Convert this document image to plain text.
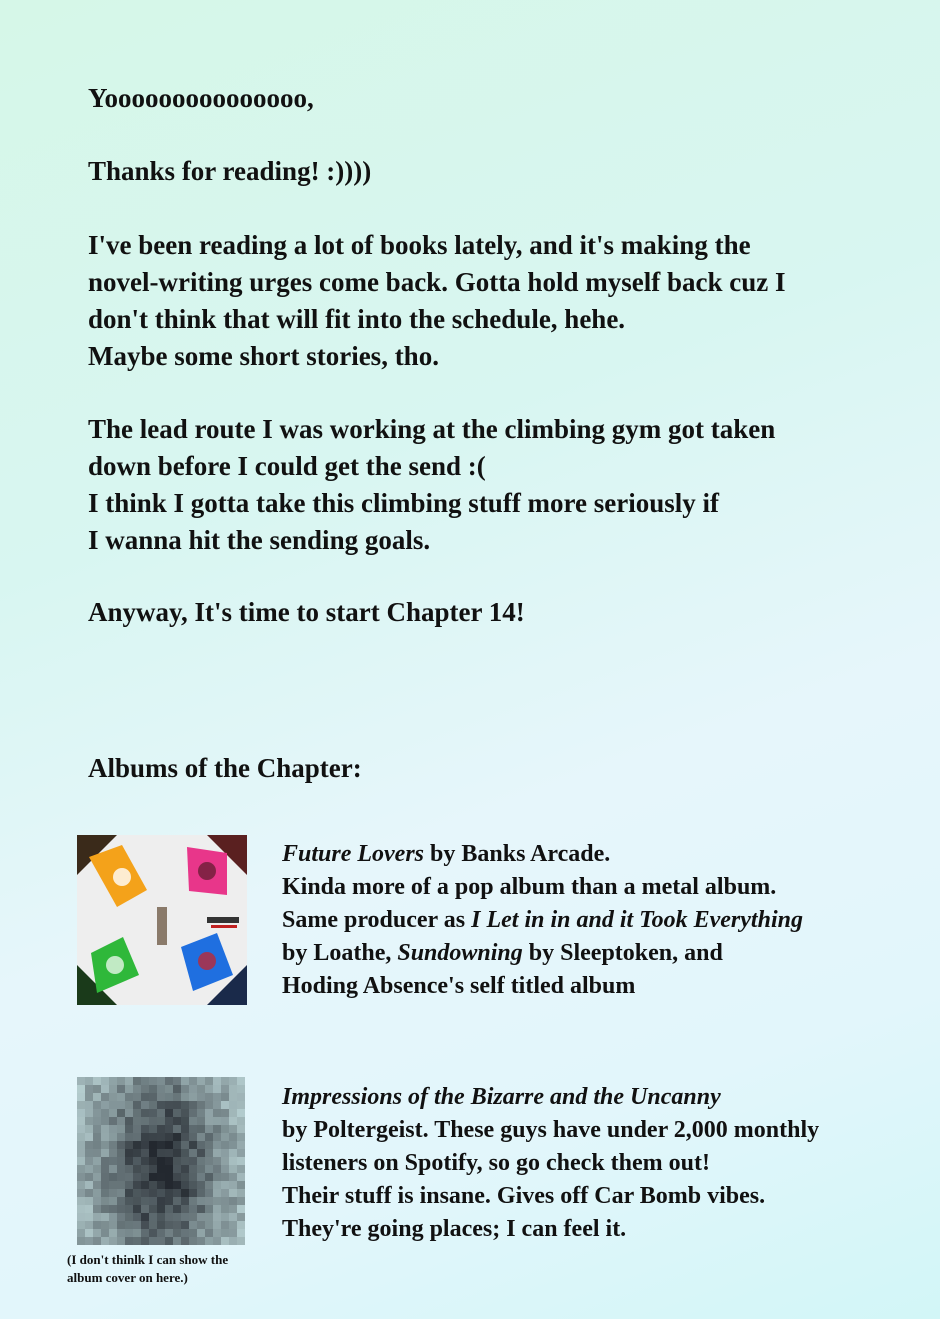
Yooooooooooooooo,

Thanks for reading! :))))

I've been reading a lot of books lately, and it's making the
novel-writing urges come back. Gotta hold myself back cuz I
don't think that will fit into the schedule, hehe.
Maybe some short stories, tho.

The lead route I was working at the climbing gym got taken
down before I could get the send :(
I think I gotta take this climbing stuff more seriously if
I wanna hit the sending goals.

Anyway, It's time to start Chapter 14!

Albums of the Chapter:

Future Lovers by Banks Arcade.
Kinda more of a pop album than a metal album.
Same producer as I Let in in and it Took Everything
by Loathe, Sundowning by Sleeptoken, and
Hoding Absence's self titled album
Impressions of the Bizarre and the Uncanny
by Poltergeist. These guys have under 2,000 monthly
listeners on Spotify, so go check them out!
Their stuff is insane. Gives off Car Bomb vibes.
They're going places; I can feel it.

(I don't thinlk I can show the
album cover on here.)
